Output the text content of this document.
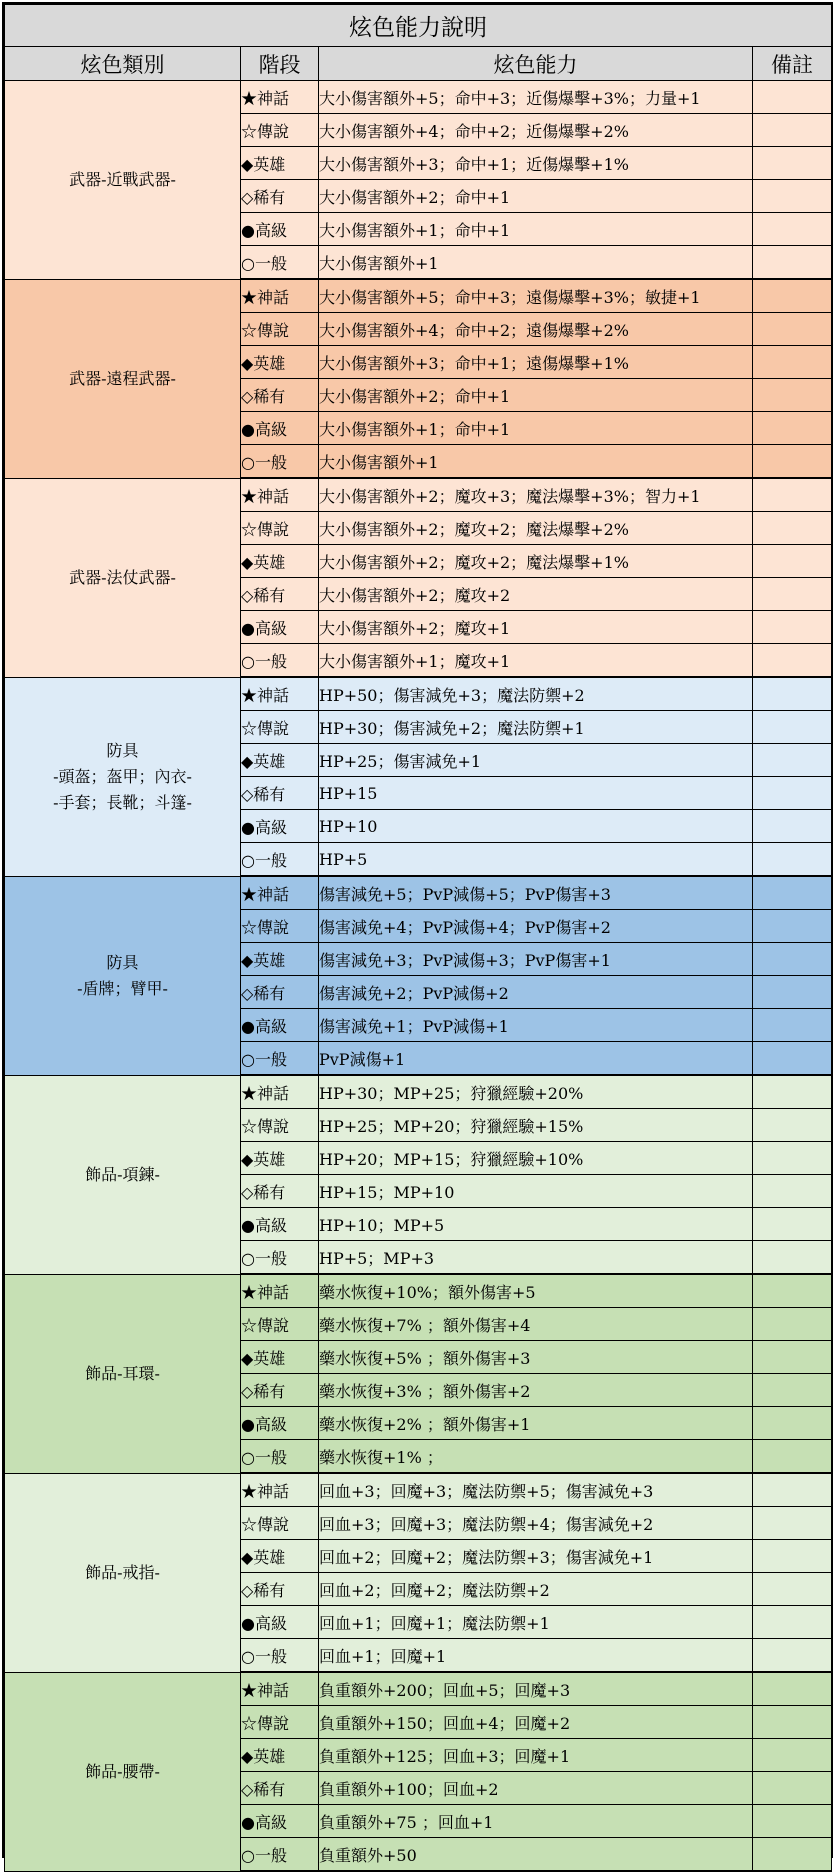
炫色能力說明			
炫色類別	階段	炫色能力	備註

武器-近戰武器-	★神話	大小傷害額外+5；命中+3；近傷爆擊+3%；力量+1	
	☆傳說	大小傷害額外+4；命中+2；近傷爆擊+2%	
	◆英雄	大小傷害額外+3；命中+1；近傷爆擊+1%	
	◇稀有	大小傷害額外+2；命中+1	
	●高級	大小傷害額外+1；命中+1	
	○一般	大小傷害額外+1	

武器-遠程武器-	★神話	大小傷害額外+5；命中+3；遠傷爆擊+3%；敏捷+1	
	☆傳說	大小傷害額外+4；命中+2；遠傷爆擊+2%	
	◆英雄	大小傷害額外+3；命中+1；遠傷爆擊+1%	
	◇稀有	大小傷害額外+2；命中+1	
	●高級	大小傷害額外+1；命中+1	
	○一般	大小傷害額外+1	

武器-法仗武器-	★神話	大小傷害額外+2；魔攻+3；魔法爆擊+3%；智力+1	
	☆傳說	大小傷害額外+2；魔攻+2；魔法爆擊+2%	
	◆英雄	大小傷害額外+2；魔攻+2；魔法爆擊+1%	
	◇稀有	大小傷害額外+2；魔攻+2	
	●高級	大小傷害額外+2；魔攻+1	
	○一般	大小傷害額外+1；魔攻+1	

防具
-頭盔；盔甲；內衣-
-手套；長靴；斗篷-	★神話	HP+50；傷害減免+3；魔法防禦+2	
	☆傳說	HP+30；傷害減免+2；魔法防禦+1	
	◆英雄	HP+25；傷害減免+1	
	◇稀有	HP+15	
	●高級	HP+10	
	○一般	HP+5	

防具
-盾牌；臂甲-	★神話	傷害減免+5；PvP減傷+5；PvP傷害+3	
	☆傳說	傷害減免+4；PvP減傷+4；PvP傷害+2	
	◆英雄	傷害減免+3；PvP減傷+3；PvP傷害+1	
	◇稀有	傷害減免+2；PvP減傷+2	
	●高級	傷害減免+1；PvP減傷+1	
	○一般	PvP減傷+1	

飾品-項鍊-	★神話	HP+30；MP+25；狩獵經驗+20%	
	☆傳說	HP+25；MP+20；狩獵經驗+15%	
	◆英雄	HP+20；MP+15；狩獵經驗+10%	
	◇稀有	HP+15；MP+10	
	●高級	HP+10；MP+5	
	○一般	HP+5；MP+3	

飾品-耳環-	★神話	藥水恢復+10%；額外傷害+5	
	☆傳說	藥水恢復+7% ；額外傷害+4	
	◆英雄	藥水恢復+5% ；額外傷害+3	
	◇稀有	藥水恢復+3% ；額外傷害+2	
	●高級	藥水恢復+2% ；額外傷害+1	
	○一般	藥水恢復+1% ；	

飾品-戒指-	★神話	回血+3；回魔+3；魔法防禦+5；傷害減免+3	
	☆傳說	回血+3；回魔+3；魔法防禦+4；傷害減免+2	
	◆英雄	回血+2；回魔+2；魔法防禦+3；傷害減免+1	
	◇稀有	回血+2；回魔+2；魔法防禦+2	
	●高級	回血+1；回魔+1；魔法防禦+1	
	○一般	回血+1；回魔+1	

飾品-腰帶-	★神話	負重額外+200；回血+5；回魔+3	
	☆傳說	負重額外+150；回血+4；回魔+2	
	◆英雄	負重額外+125；回血+3；回魔+1	
	◇稀有	負重額外+100；回血+2	
	●高級	負重額外+75 ；回血+1	
	○一般	負重額外+50	
